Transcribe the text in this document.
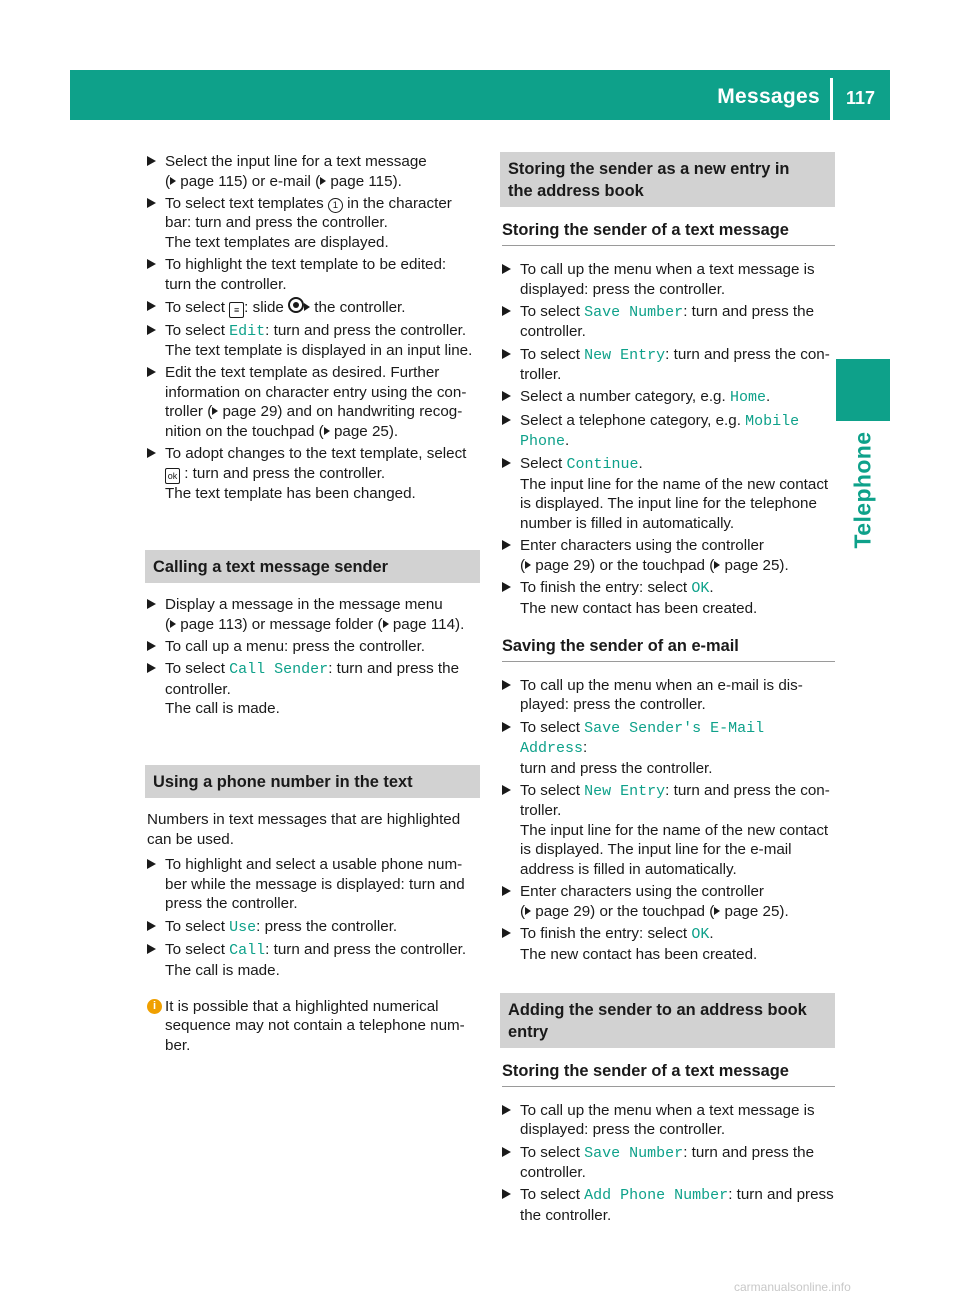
Messages 117
Telephone
Select the input line for a text message
( page 115) or e-mail ( page 115).
To select text templates 1 in the character
bar: turn and press the controller.
The text templates are displayed.
To highlight the text template to be edited:
turn the controller.
To select ≡ : slide  the controller.
To select Edit: turn and press the controller.
The text template is displayed in an input line.
Edit the text template as desired. Further
information on character entry using the con-
troller ( page 29) and on handwriting recog-
nition on the touchpad ( page 25).
To adopt changes to the text template, select
ok : turn and press the controller.
The text template has been changed.
Calling a text message sender
Display a message in the message menu
( page 113) or message folder ( page 114).
To call up a menu: press the controller.
To select Call Sender: turn and press the
controller.
The call is made.
Using a phone number in the text
Numbers in text messages that are highlighted
can be used.
To highlight and select a usable phone num-
ber while the message is displayed: turn and
press the controller.
To select Use: press the controller.
To select Call: turn and press the controller.
The call is made.
i It is possible that a highlighted numerical
sequence may not contain a telephone num-
ber.
Storing the sender as a new entry in
the address book
Storing the sender of a text message
To call up the menu when a text message is
displayed: press the controller.
To select Save Number: turn and press the
controller.
To select New Entry: turn and press the con-
troller.
Select a number category, e.g. Home.
Select a telephone category, e.g. Mobile
Phone.
Select Continue.
The input line for the name of the new contact
is displayed. The input line for the telephone
number is filled in automatically.
Enter characters using the controller
( page 29) or the touchpad ( page 25).
To finish the entry: select OK.
The new contact has been created.
Saving the sender of an e-mail
To call up the menu when an e-mail is dis-
played: press the controller.
To select Save Sender's E-Mail Address:
turn and press the controller.
To select New Entry: turn and press the con-
troller.
The input line for the name of the new contact
is displayed. The input line for the e-mail
address is filled in automatically.
Enter characters using the controller
( page 29) or the touchpad ( page 25).
To finish the entry: select OK.
The new contact has been created.
Adding the sender to an address book
entry
Storing the sender of a text message
To call up the menu when a text message is
displayed: press the controller.
To select Save Number: turn and press the
controller.
To select Add Phone Number: turn and press
the controller.
carmanualsonline.info
